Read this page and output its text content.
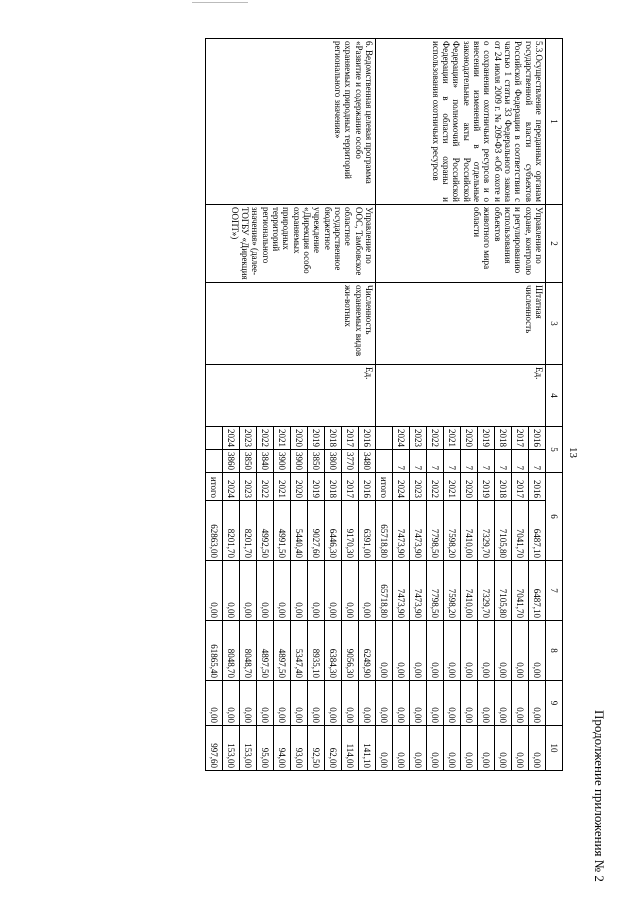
13
Продолжение приложения № 2
1	2	3	4	5		6		7	8	9	10
5.3.Осуществление переданных органам государственной власти субъектов Российской Федерации в соответствии с частью 1 статьи 33 Федерального закона от 24 июля 2009 г. № 209-ФЗ «Об охоте и о сохранении охотничьих ресурсов и о внесении изменений в отдельные законодательные акты Российской Федерации» полномочий Российской Федерации в области охраны и использования охотничьих ресурсов	Управление по охране, контролю и регулированию использования объектов животного мира области	Штатная численность	Ед.	2016	7	2016	6487,10	6487,10	0,00	0,00	0,00
				2017	7	2017	7041,70	7041,70	0,00	0,00	0,00
				2018	7	2018	7105,80	7105,80	0,00	0,00	0,00
				2019	7	2019	7329,70	7329,70	0,00	0,00	0,00
				2020	7	2020	7410,00	7410,00	0,00	0,00	0,00
				2021	7	2021	7598,20	7598,20	0,00	0,00	0,00
				2022	7	2022	7798,50	7798,50	0,00	0,00	0,00
				2023	7	2023	7473,90	7473,90	0,00	0,00	0,00
				2024	7	2024	7473,90	7473,90	0,00	0,00	0,00
						итого	65718,80	65718,80	0,00	0,00	0,00
6. Ведомственная целевая программа «Развитие и содержание особо охраняемых природных территорий регионального значения»	Управление по ООС, Тамбовское областное государственное бюджетное учреждение «Дирекция особо охраняемых природных территорий регионального значения» (далее- ТОГБУ «Дирекция ООПТ»)	Численность охраняемых видов жи-вотных	Ед.	2016	3480	2016	6391,00	0,00	6249,90	0,00	141,10
				2017	3770	2017	9170,30	0,00	9056,30	0,00	114,00
				2018	3800	2018	6446,30	0,00	6384,30	0,00	62,00
				2019	3850	2019	9027,60	0,00	8935,10	0,00	92,50
				2020	3900	2020	5440,40	0,00	5347,40	0,00	93,00
				2021	3900	2021	4991,50	0,00	4897,50	0,00	94,00
				2022	3840	2022	4992,50	0,00	4897,50	0,00	95,00
				2023	3850	2023	8201,70	0,00	8048,70	0,00	153,00
				2024	3860	2024	8201,70	0,00	8048,70	0,00	153,00
						итого	62863,00	0,00	61865,40	0,00	997,60
